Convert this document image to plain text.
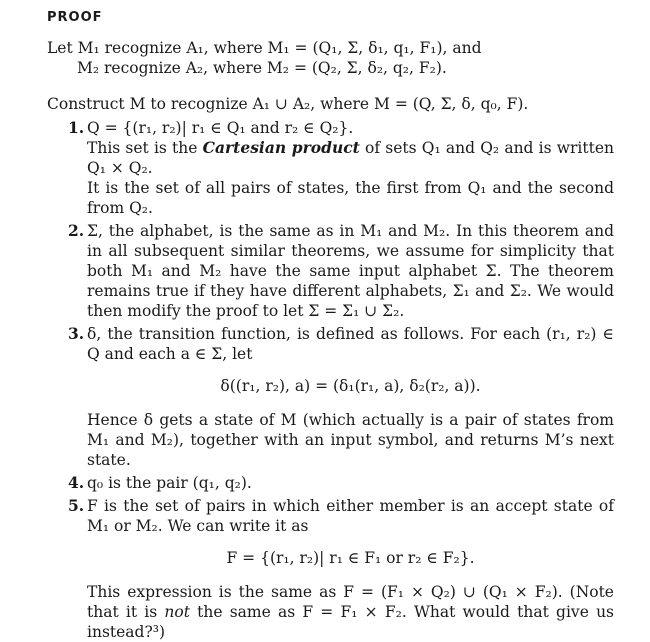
PROOF

Let M₁ recognize A₁, where M₁ = (Q₁, Σ, δ₁, q₁, F₁), and

M₂ recognize A₂, where M₂ = (Q₂, Σ, δ₂, q₂, F₂).

Construct M to recognize A₁ ∪ A₂, where M = (Q, Σ, δ, q₀, F).

1. Q = {(r₁, r₂)| r₁ ∈ Q₁ and r₂ ∈ Q₂}.
This set is the Cartesian product of sets Q₁ and Q₂ and is written Q₁ × Q₂.
It is the set of all pairs of states, the first from Q₁ and the second from Q₂.
2. Σ, the alphabet, is the same as in M₁ and M₂. In this theorem and in all subsequent similar theorems, we assume for simplicity that both M₁ and M₂ have the same input alphabet Σ. The theorem remains true if they have different alphabets, Σ₁ and Σ₂. We would then modify the proof to let Σ = Σ₁ ∪ Σ₂.
3. δ, the transition function, is defined as follows. For each (r₁, r₂) ∈ Q and each a ∈ Σ, let
δ((r₁, r₂), a) = (δ₁(r₁, a), δ₂(r₂, a)).
Hence δ gets a state of M (which actually is a pair of states from M₁ and M₂), together with an input symbol, and returns M’s next state.
4. q₀ is the pair (q₁, q₂).
5. F is the set of pairs in which either member is an accept state of M₁ or M₂. We can write it as
F = {(r₁, r₂)| r₁ ∈ F₁ or r₂ ∈ F₂}.
This expression is the same as F = (F₁ × Q₂) ∪ (Q₁ × F₂). (Note that it is not the same as F = F₁ × F₂. What would that give us instead?³)
